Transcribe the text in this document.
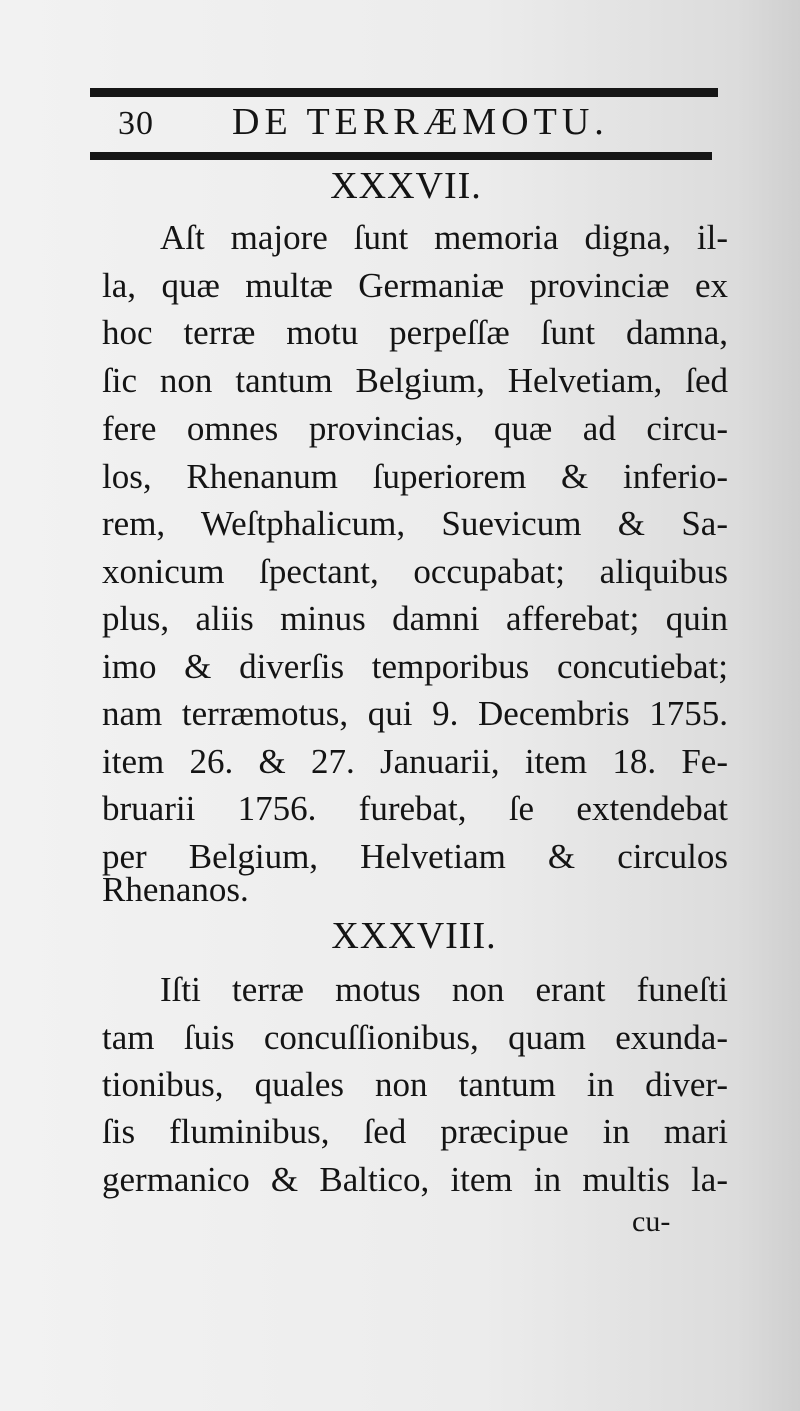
30 DE TERRÆMOTU.
XXXVII.
Aſt majore ſunt memoria digna, il-
la, quæ multæ Germaniæ provinciæ ex
hoc terræ motu perpeſſæ ſunt damna,
ſic non tantum Belgium, Helvetiam, ſed
fere omnes provincias, quæ ad circu-
los, Rhenanum ſuperiorem & inferio-
rem, Weſtphalicum, Suevicum & Sa-
xonicum ſpectant, occupabat; aliquibus
plus, aliis minus damni afferebat; quin
imo & diverſis temporibus concutiebat;
nam terræmotus, qui 9. Decembris 1755.
item 26. & 27. Januarii, item 18. Fe-
bruarii 1756. furebat, ſe extendebat
per Belgium, Helvetiam & circulos
Rhenanos.
XXXVIII.
Iſti terræ motus non erant funeſti
tam ſuis concuſſionibus, quam exunda-
tionibus, quales non tantum in diver-
ſis fluminibus, ſed præcipue in mari
germanico & Baltico, item in multis la-
cu-
